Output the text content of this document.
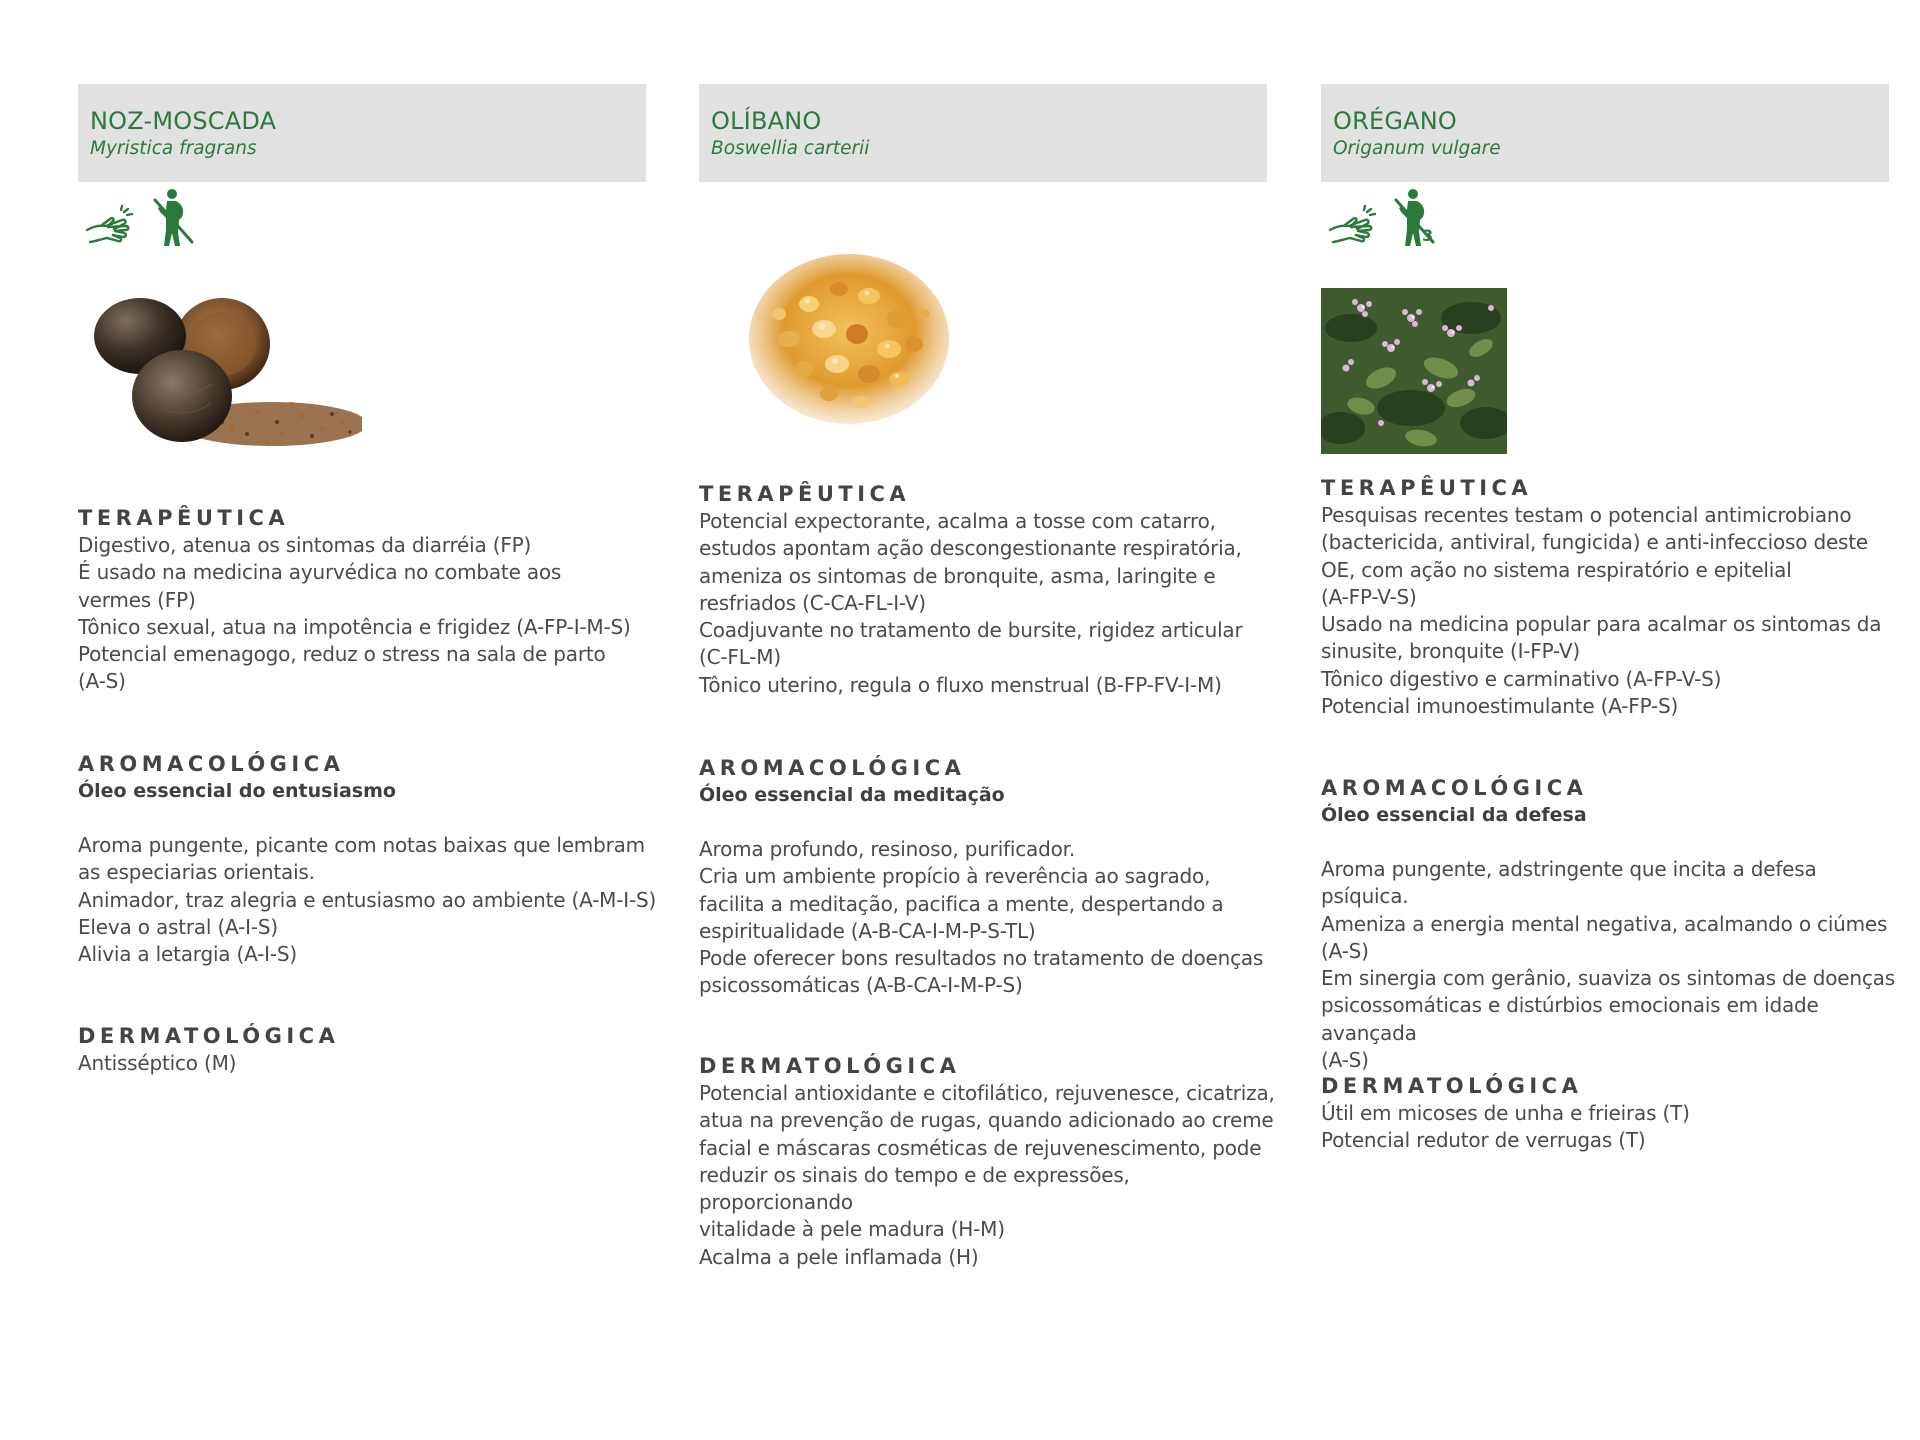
NOZ-MOSCADA
Myristica fragrans
TERAPÊUTICA

Digestivo, atenua os sintomas da diarréia (FP)

É usado na medicina ayurvédica no combate aos

vermes (FP)

Tônico sexual, atua na impotência e frigidez (A-FP-I-M-S)

Potencial emenagogo, reduz o stress na sala de parto

(A-S)

AROMACOLÓGICA
Óleo essencial do entusiasmo

Aroma pungente, picante com notas baixas que lembram

as especiarias orientais.

Animador, traz alegria e entusiasmo ao ambiente (A-M-I-S)

Eleva o astral (A-I-S)

Alivia a letargia (A-I-S)

DERMATOLÓGICA

Antisséptico (M)

OLÍBANO
Boswellia carterii
TERAPÊUTICA

Potencial expectorante, acalma a tosse com catarro,

estudos apontam ação descongestionante respiratória,

ameniza os sintomas de bronquite, asma, laringite e

resfriados (C-CA-FL-I-V)

Coadjuvante no tratamento de bursite, rigidez articular

(C-FL-M)

Tônico uterino, regula o fluxo menstrual (B-FP-FV-I-M)

AROMACOLÓGICA
Óleo essencial da meditação

Aroma profundo, resinoso, purificador.

Cria um ambiente propício à reverência ao sagrado,

facilita a meditação, pacifica a mente, despertando a

espiritualidade (A-B-CA-I-M-P-S-TL)

Pode oferecer bons resultados no tratamento de doenças

psicossomáticas (A-B-CA-I-M-P-S)

DERMATOLÓGICA

Potencial antioxidante e citofilático, rejuvenesce, cicatriza,

atua na prevenção de rugas, quando adicionado ao creme

facial e máscaras cosméticas de rejuvenescimento, pode

reduzir os sinais do tempo e de expressões, proporcionando

vitalidade à pele madura (H-M)

Acalma a pele inflamada (H)

ORÉGANO
Origanum vulgare
3
TERAPÊUTICA

Pesquisas recentes testam o potencial antimicrobiano

(bactericida, antiviral, fungicida) e anti-infeccioso deste

OE, com ação no sistema respiratório e epitelial

(A-FP-V-S)

Usado na medicina popular para acalmar os sintomas da

sinusite, bronquite (I-FP-V)

Tônico digestivo e carminativo (A-FP-V-S)

Potencial imunoestimulante (A-FP-S)

AROMACOLÓGICA
Óleo essencial da defesa

Aroma pungente, adstringente que incita a defesa psíquica.

Ameniza a energia mental negativa, acalmando o ciúmes

(A-S)

Em sinergia com gerânio, suaviza os sintomas de doenças

psicossomáticas e distúrbios emocionais em idade avançada

(A-S)

DERMATOLÓGICA

Útil em micoses de unha e frieiras (T)

Potencial redutor de verrugas (T)
